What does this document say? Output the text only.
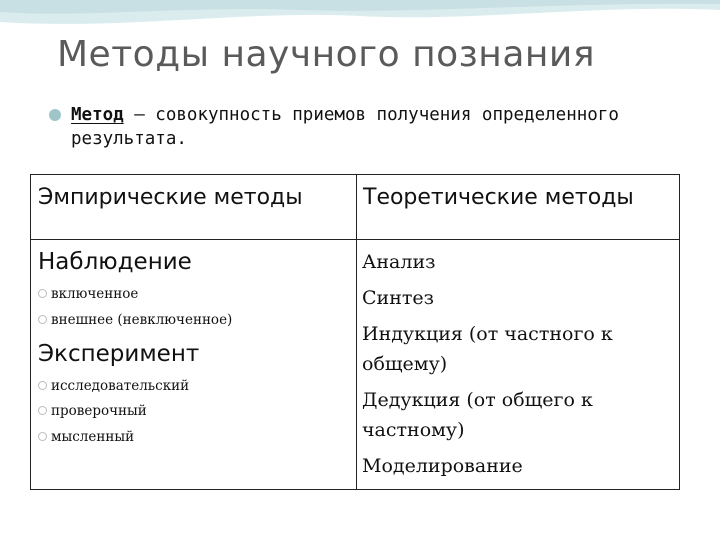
Методы научного познания
Метод – совокупность приемов получения определенного результата.
Эмпирические методы	Теоретические методы
Наблюдение
включенное
внешнее (невключенное)
Эксперимент
исследовательский
проверочный
мысленный
Анализ
Синтез
Индукция (от частного к общему)
Дедукция (от общего к частному)
Моделирование
